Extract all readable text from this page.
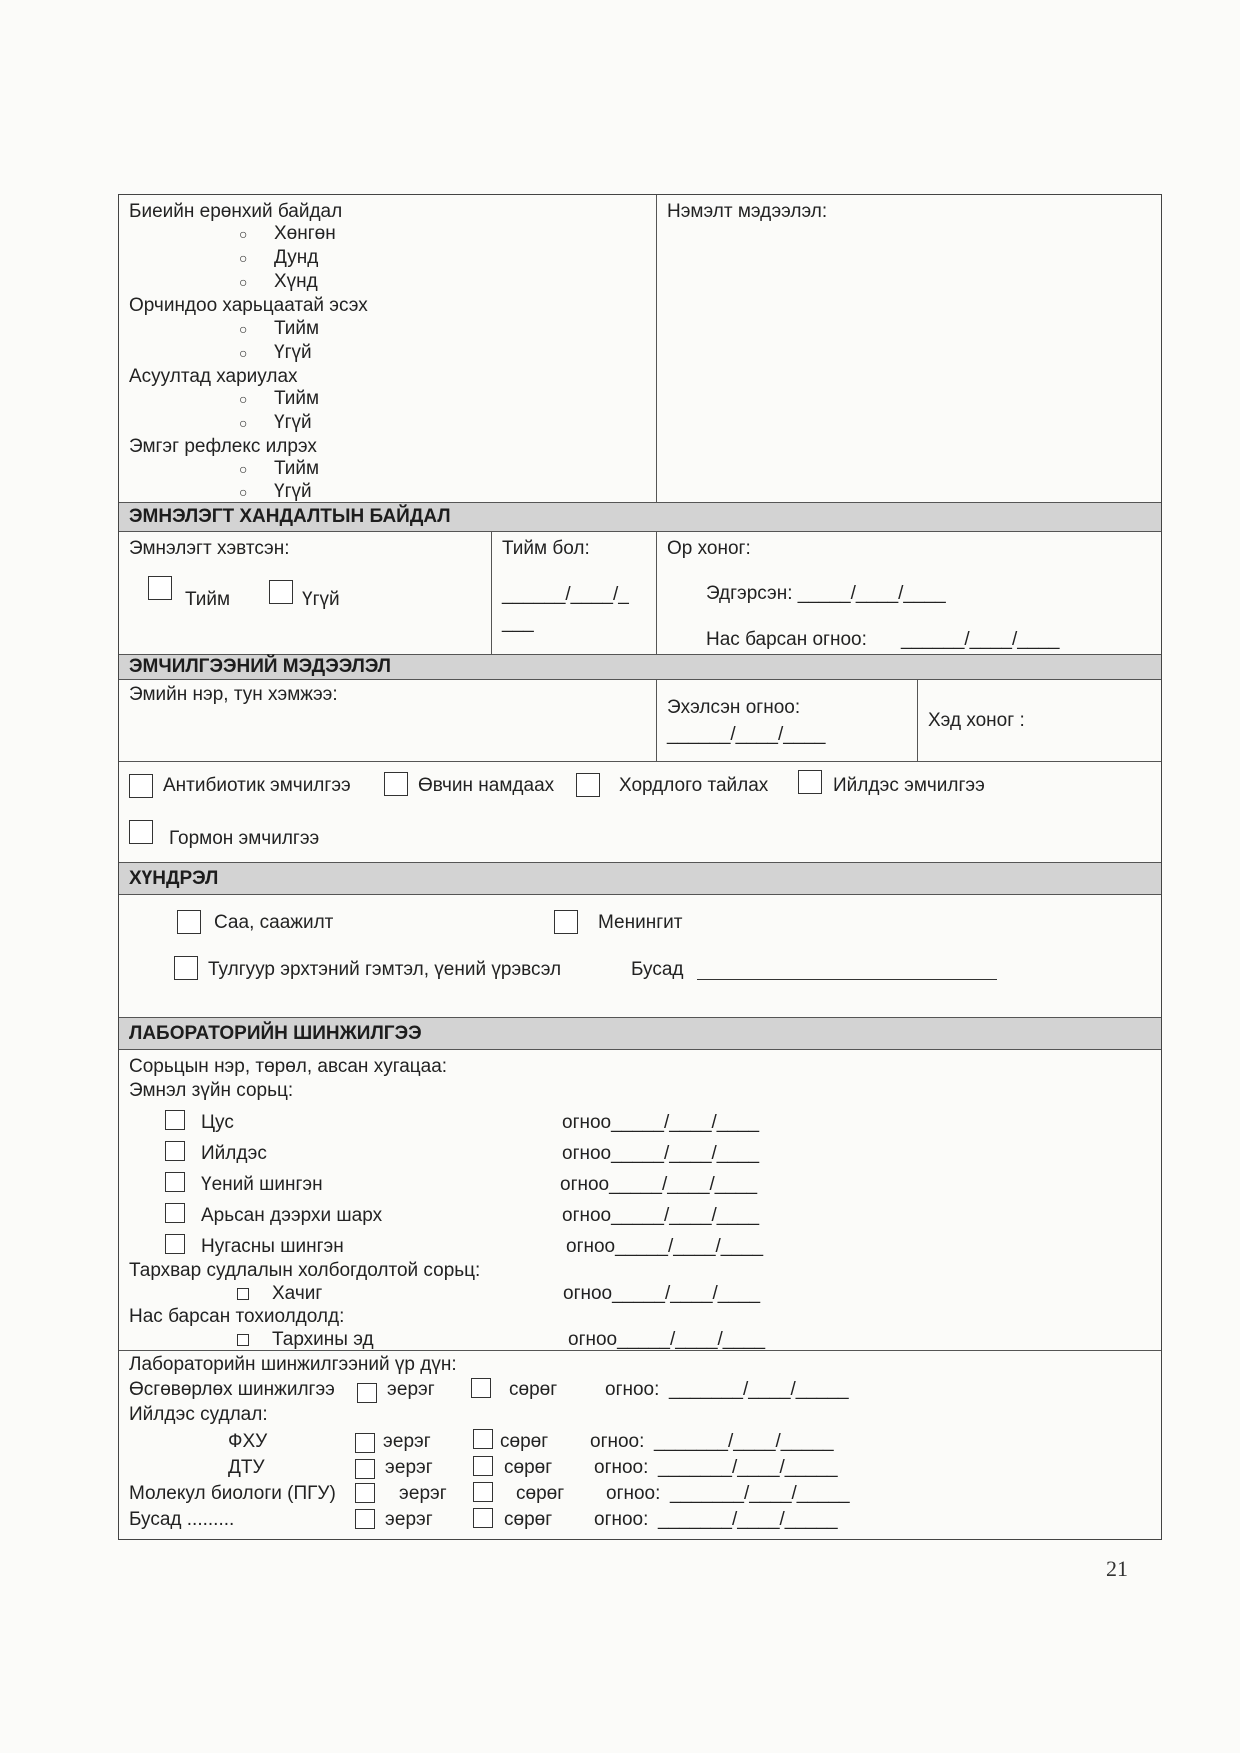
Биеийн ерөнхий байдал
○ Хөнгөн
○ Дунд
○ Хүнд
Орчиндоо харьцаатай эсэх
○ Тийм
○ Үгүй
Асуултад хариулах
○ Тийм
○ Үгүй
Эмгэг рефлекс илрэх
○ Тийм
○ Үгүй
Нэмэлт мэдээлэл:
ЭМНЭЛЭГТ ХАНДАЛТЫН БАЙДАЛ
Эмнэлэгт хэвтсэн:
Тийм	Үгүй
Тийм бол:
______/____/_
___
Ор хоног:
Эдгэрсэн: _____/____/____
Нас барсан огноо: ______/____/____
ЭМЧИЛГЭЭНИЙ МЭДЭЭЛЭЛ
Эмийн нэр, тун хэмжээ:
Эхэлсэн огноо:
______/____/____
Хэд хоног :
Антибиотик эмчилгээ	Өвчин намдаах	Хордлого тайлах	Ийлдэс эмчилгээ
Гормон эмчилгээ
ХҮНДРЭЛ
Саа, саажилт	Менингит
Тулгуур эрхтэний гэмтэл, үений үрэвсэл	Бусад
ЛАБОРАТОРИЙН ШИНЖИЛГЭЭ
Сорьцын нэр, төрөл, авсан хугацаа:
Эмнэл зүйн сорьц:
Цус	огноо_____/____/____
Ийлдэс	огноо_____/____/____
Үений шингэн	огноо_____/____/____
Арьсан дээрхи шарх	огноо_____/____/____
Нугасны шингэн	огноо_____/____/____
Тархвар судлалын холбогдолтой сорьц:
Хачиг	огноо_____/____/____
Нас барсан тохиолдолд:
Тархины эд	огноо_____/____/____
Лабораторийн шинжилгээний үр дүн:
Өсгөвөрлөх шинжилгээ	эерэг	сөрөг	огноо: _______/____/_____
Ийлдэс судлал:
ФХУ	эерэг	сөрөг огноо: _______/____/_____
ДТУ	эерэг	сөрөг огноо: _______/____/_____
Молекул биологи (ПГУ)	эерэг	сөрөг огноо: _______/____/_____
Бусад .........	эерэг	сөрөг огноо: _______/____/_____
21
